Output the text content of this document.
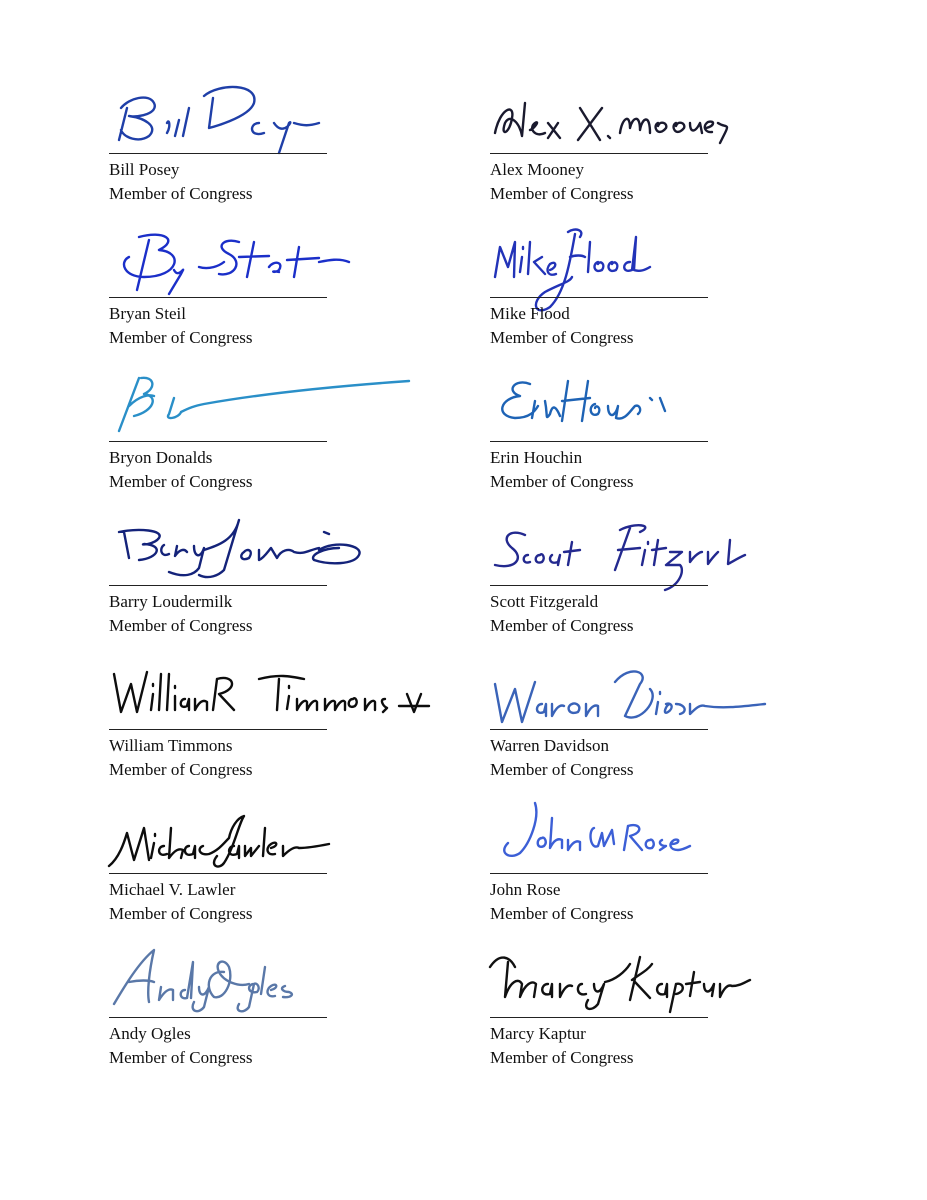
Bill Posey
Member of Congress
Alex Mooney
Member of Congress
Bryan Steil
Member of Congress
Mike Flood
Member of Congress
Bryon Donalds
Member of Congress
Erin Houchin
Member of Congress
Barry Loudermilk
Member of Congress
Scott Fitzgerald
Member of Congress
William Timmons
Member of Congress
Warren Davidson
Member of Congress
Michael V. Lawler
Member of Congress
John Rose
Member of Congress
Andy Ogles
Member of Congress
Marcy Kaptur
Member of Congress
